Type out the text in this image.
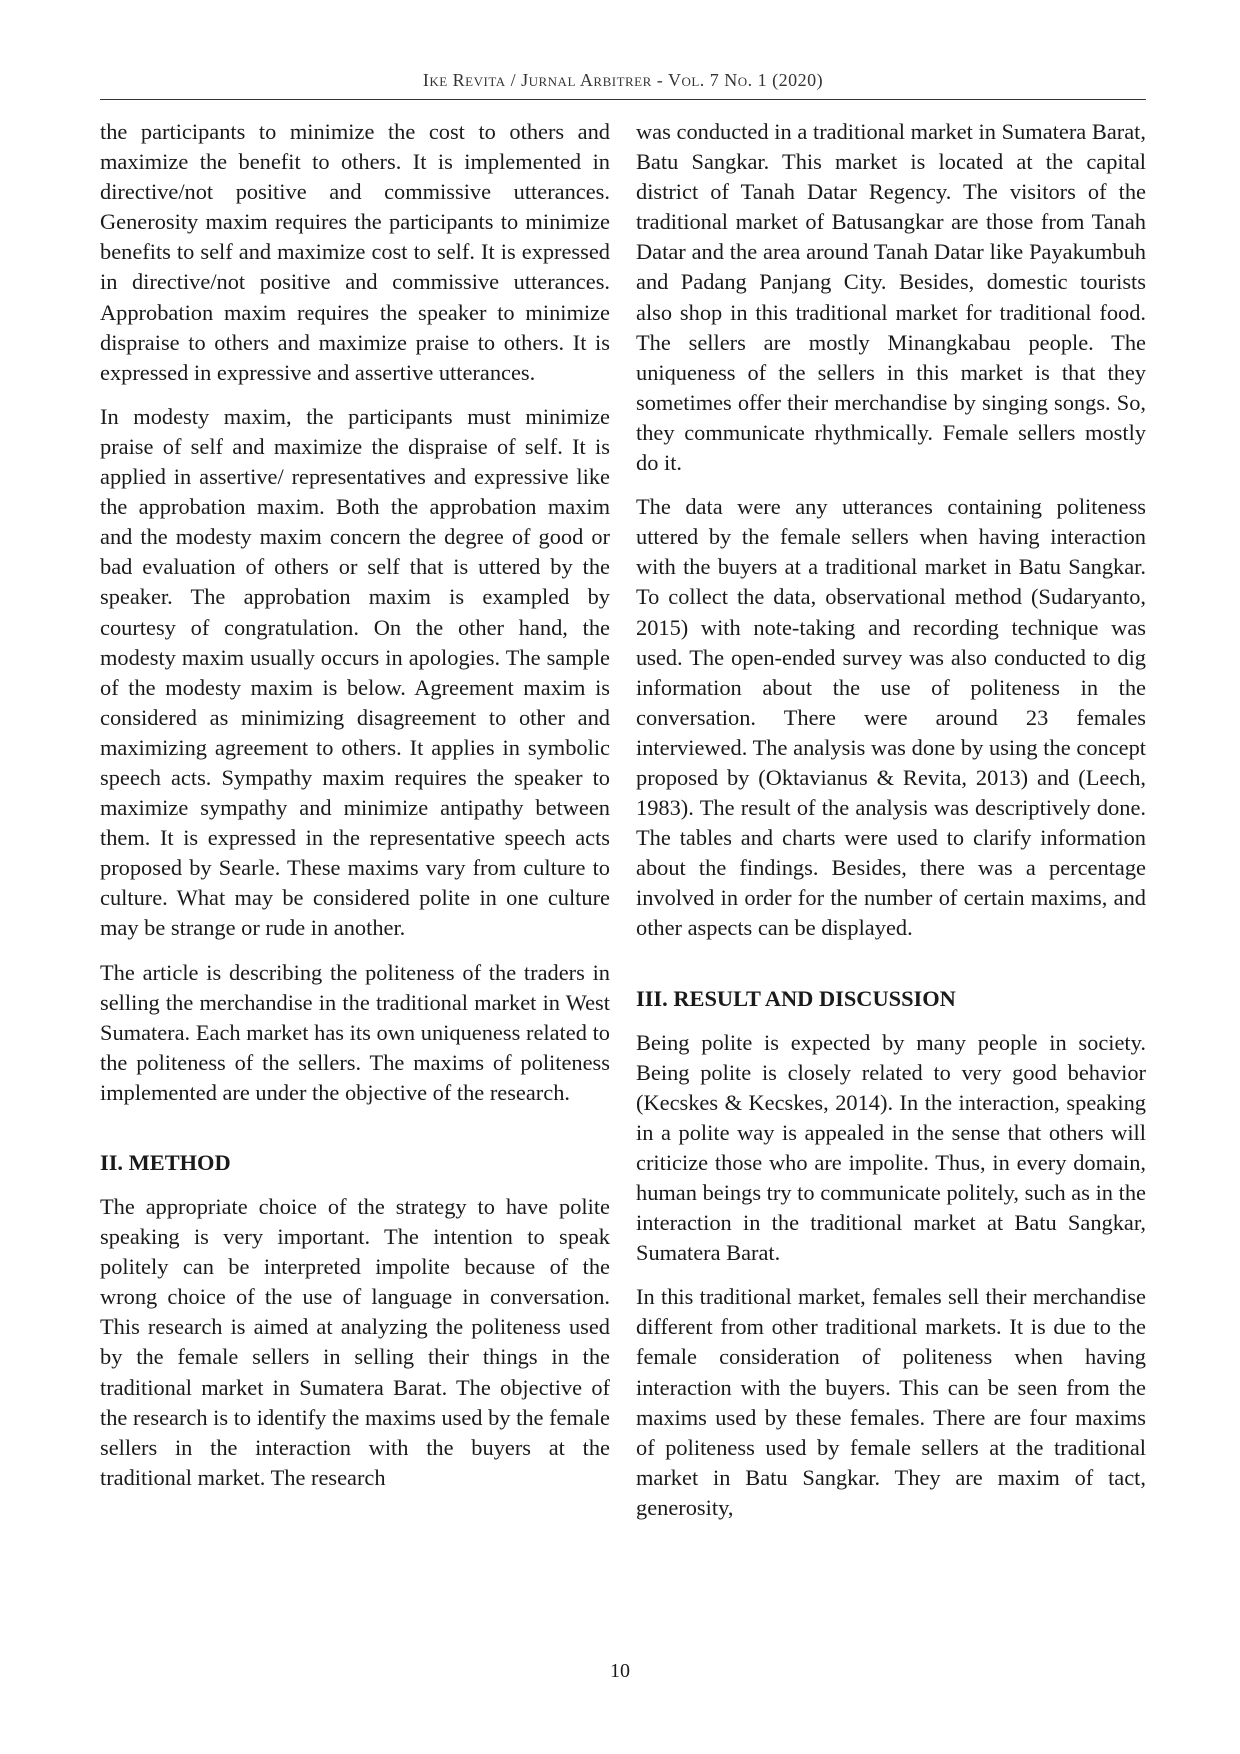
Ike Revita / Jurnal Arbitrer - Vol. 7 No. 1 (2020)

the participants to minimize the cost to others and maximize the benefit to others. It is implemented in directive/not positive and commissive utterances. Generosity maxim requires the participants to minimize benefits to self and maximize cost to self. It is expressed in directive/not positive and commissive utterances. Approbation maxim requires the speaker to minimize dispraise to others and maximize praise to others. It is expressed in expressive and assertive utterances.

In modesty maxim, the participants must minimize praise of self and maximize the dispraise of self. It is applied in assertive/ representatives and expressive like the approbation maxim. Both the approbation maxim and the modesty maxim concern the degree of good or bad evaluation of others or self that is uttered by the speaker. The approbation maxim is exampled by courtesy of congratulation. On the other hand, the modesty maxim usually occurs in apologies. The sample of the modesty maxim is below. Agreement maxim is considered as minimizing disagreement to other and maximizing agreement to others. It applies in symbolic speech acts. Sympathy maxim requires the speaker to maximize sympathy and minimize antipathy between them. It is expressed in the representative speech acts proposed by Searle. These maxims vary from culture to culture. What may be considered polite in one culture may be strange or rude in another.

The article is describing the politeness of the traders in selling the merchandise in the traditional market in West Sumatera. Each market has its own uniqueness related to the politeness of the sellers. The maxims of politeness implemented are under the objective of the research.

II. METHOD

The appropriate choice of the strategy to have polite speaking is very important. The intention to speak politely can be interpreted impolite because of the wrong choice of the use of language in conversation. This research is aimed at analyzing the politeness used by the female sellers in selling their things in the traditional market in Sumatera Barat. The objective of the research is to identify the maxims used by the female sellers in the interaction with the buyers at the traditional market. The research

was conducted in a traditional market in Sumatera Barat, Batu Sangkar. This market is located at the capital district of Tanah Datar Regency. The visitors of the traditional market of Batusangkar are those from Tanah Datar and the area around Tanah Datar like Payakumbuh and Padang Panjang City. Besides, domestic tourists also shop in this traditional market for traditional food. The sellers are mostly Minangkabau people. The uniqueness of the sellers in this market is that they sometimes offer their merchandise by singing songs. So, they communicate rhythmically. Female sellers mostly do it.

The data were any utterances containing politeness uttered by the female sellers when having interaction with the buyers at a traditional market in Batu Sangkar. To collect the data, observational method (Sudaryanto, 2015) with note-taking and recording technique was used. The open-ended survey was also conducted to dig information about the use of politeness in the conversation. There were around 23 females interviewed. The analysis was done by using the concept proposed by (Oktavianus & Revita, 2013) and (Leech, 1983). The result of the analysis was descriptively done. The tables and charts were used to clarify information about the findings. Besides, there was a percentage involved in order for the number of certain maxims, and other aspects can be displayed.

III. RESULT AND DISCUSSION

Being polite is expected by many people in society. Being polite is closely related to very good behavior (Kecskes & Kecskes, 2014). In the interaction, speaking in a polite way is appealed in the sense that others will criticize those who are impolite. Thus, in every domain, human beings try to communicate politely, such as in the interaction in the traditional market at Batu Sangkar, Sumatera Barat.

In this traditional market, females sell their merchandise different from other traditional markets. It is due to the female consideration of politeness when having interaction with the buyers. This can be seen from the maxims used by these females. There are four maxims of politeness used by female sellers at the traditional market in Batu Sangkar. They are maxim of tact, generosity,

10
